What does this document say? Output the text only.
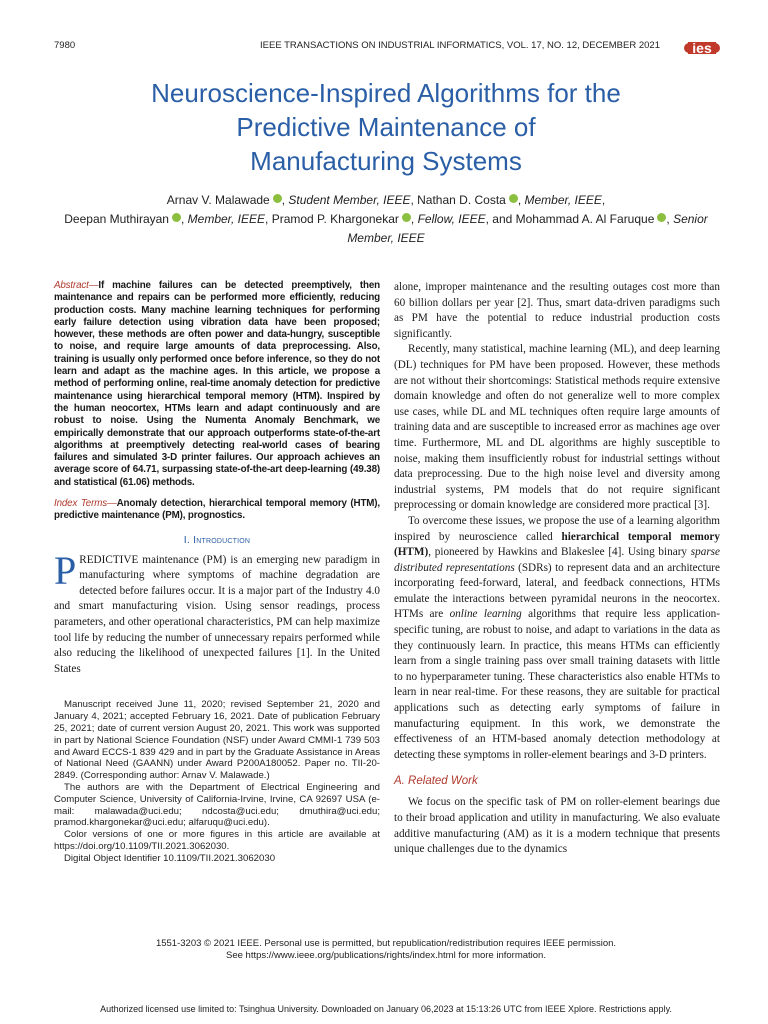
7980	IEEE TRANSACTIONS ON INDUSTRIAL INFORMATICS, VOL. 17, NO. 12, DECEMBER 2021 ies
Neuroscience-Inspired Algorithms for the
Predictive Maintenance of
Manufacturing Systems
Arnav V. Malawade , Student Member, IEEE, Nathan D. Costa , Member, IEEE,
Deepan Muthirayan , Member, IEEE, Pramod P. Khargonekar , Fellow, IEEE, and Mohammad A. Al Faruque , Senior Member, IEEE

Abstract—If machine failures can be detected preemptively, then maintenance and repairs can be performed more efficiently, reducing production costs. Many machine learning techniques for performing early failure detection using vibration data have been proposed; however, these methods are often power and data-hungry, susceptible to noise, and require large amounts of data preprocessing. Also, training is usually only performed once before inference, so they do not learn and adapt as the machine ages. In this article, we propose a method of performing online, real-time anomaly detection for predictive maintenance using hierarchical temporal memory (HTM). Inspired by the human neocortex, HTMs learn and adapt continuously and are robust to noise. Using the Numenta Anomaly Benchmark, we empirically demonstrate that our approach outperforms state-of-the-art algorithms at preemptively detecting real-world cases of bearing failures and simulated 3-D printer failures. Our approach achieves an average score of 64.71, surpassing state-of-the-art deep-learning (49.38) and statistical (61.06) methods.

Index Terms—Anomaly detection, hierarchical temporal memory (HTM), predictive maintenance (PM), prognostics.

I. Introduction

PREDICTIVE maintenance (PM) is an emerging new paradigm in manufacturing where symptoms of machine degradation are detected before failures occur. It is a major part of the Industry 4.0 and smart manufacturing vision. Using sensor readings, process parameters, and other operational characteristics, PM can help maximize tool life by reducing the number of unnecessary repairs performed while also reducing the likelihood of unexpected failures [1]. In the United States

Manuscript received June 11, 2020; revised September 21, 2020 and January 4, 2021; accepted February 16, 2021. Date of publication February 25, 2021; date of current version August 20, 2021. This work was supported in part by National Science Foundation (NSF) under Award CMMI-1 739 503 and Award ECCS-1 839 429 and in part by the Graduate Assistance in Areas of National Need (GAANN) under Award P200A180052. Paper no. TII-20-2849. (Corresponding author: Arnav V. Malawade.)

The authors are with the Department of Electrical Engineering and Computer Science, University of California-Irvine, Irvine, CA 92697 USA (e-mail: malawada@uci.edu; ndcosta@uci.edu; dmuthira@uci.edu; pramod.khargonekar@uci.edu; alfaruqu@uci.edu).

Color versions of one or more figures in this article are available at https://doi.org/10.1109/TII.2021.3062030.

Digital Object Identifier 10.1109/TII.2021.3062030

alone, improper maintenance and the resulting outages cost more than 60 billion dollars per year [2]. Thus, smart data-driven paradigms such as PM have the potential to reduce industrial production costs significantly.

Recently, many statistical, machine learning (ML), and deep learning (DL) techniques for PM have been proposed. However, these methods are not without their shortcomings: Statistical methods require extensive domain knowledge and often do not generalize well to more complex use cases, while DL and ML techniques often require large amounts of training data and are susceptible to increased error as machines age over time. Furthermore, ML and DL algorithms are highly susceptible to noise, making them insufficiently robust for industrial settings without data preprocessing. Due to the high noise level and diversity among industrial systems, PM models that do not require significant preprocessing or domain knowledge are considered more practical [3].

To overcome these issues, we propose the use of a learning algorithm inspired by neuroscience called hierarchical temporal memory (HTM), pioneered by Hawkins and Blakeslee [4]. Using binary sparse distributed representations (SDRs) to represent data and an architecture incorporating feed-forward, lateral, and feedback connections, HTMs emulate the interactions between pyramidal neurons in the neocortex. HTMs are online learning algorithms that require less application-specific tuning, are robust to noise, and adapt to variations in the data as they continuously learn. In practice, this means HTMs can efficiently learn from a single training pass over small training datasets with little to no hyperparameter tuning. These characteristics also enable HTMs to learn in near real-time. For these reasons, they are suitable for practical applications such as detecting early symptoms of failure in manufacturing equipment. In this work, we demonstrate the effectiveness of an HTM-based anomaly detection methodology at detecting these symptoms in roller-element bearings and 3-D printers.

A. Related Work

We focus on the specific task of PM on roller-element bearings due to their broad application and utility in manufacturing. We also evaluate additive manufacturing (AM) as it is a modern technique that presents unique challenges due to the dynamics

1551-3203 © 2021 IEEE. Personal use is permitted, but republication/redistribution requires IEEE permission.
See https://www.ieee.org/publications/rights/index.html for more information.
Authorized licensed use limited to: Tsinghua University. Downloaded on January 06,2023 at 15:13:26 UTC from IEEE Xplore. Restrictions apply.
